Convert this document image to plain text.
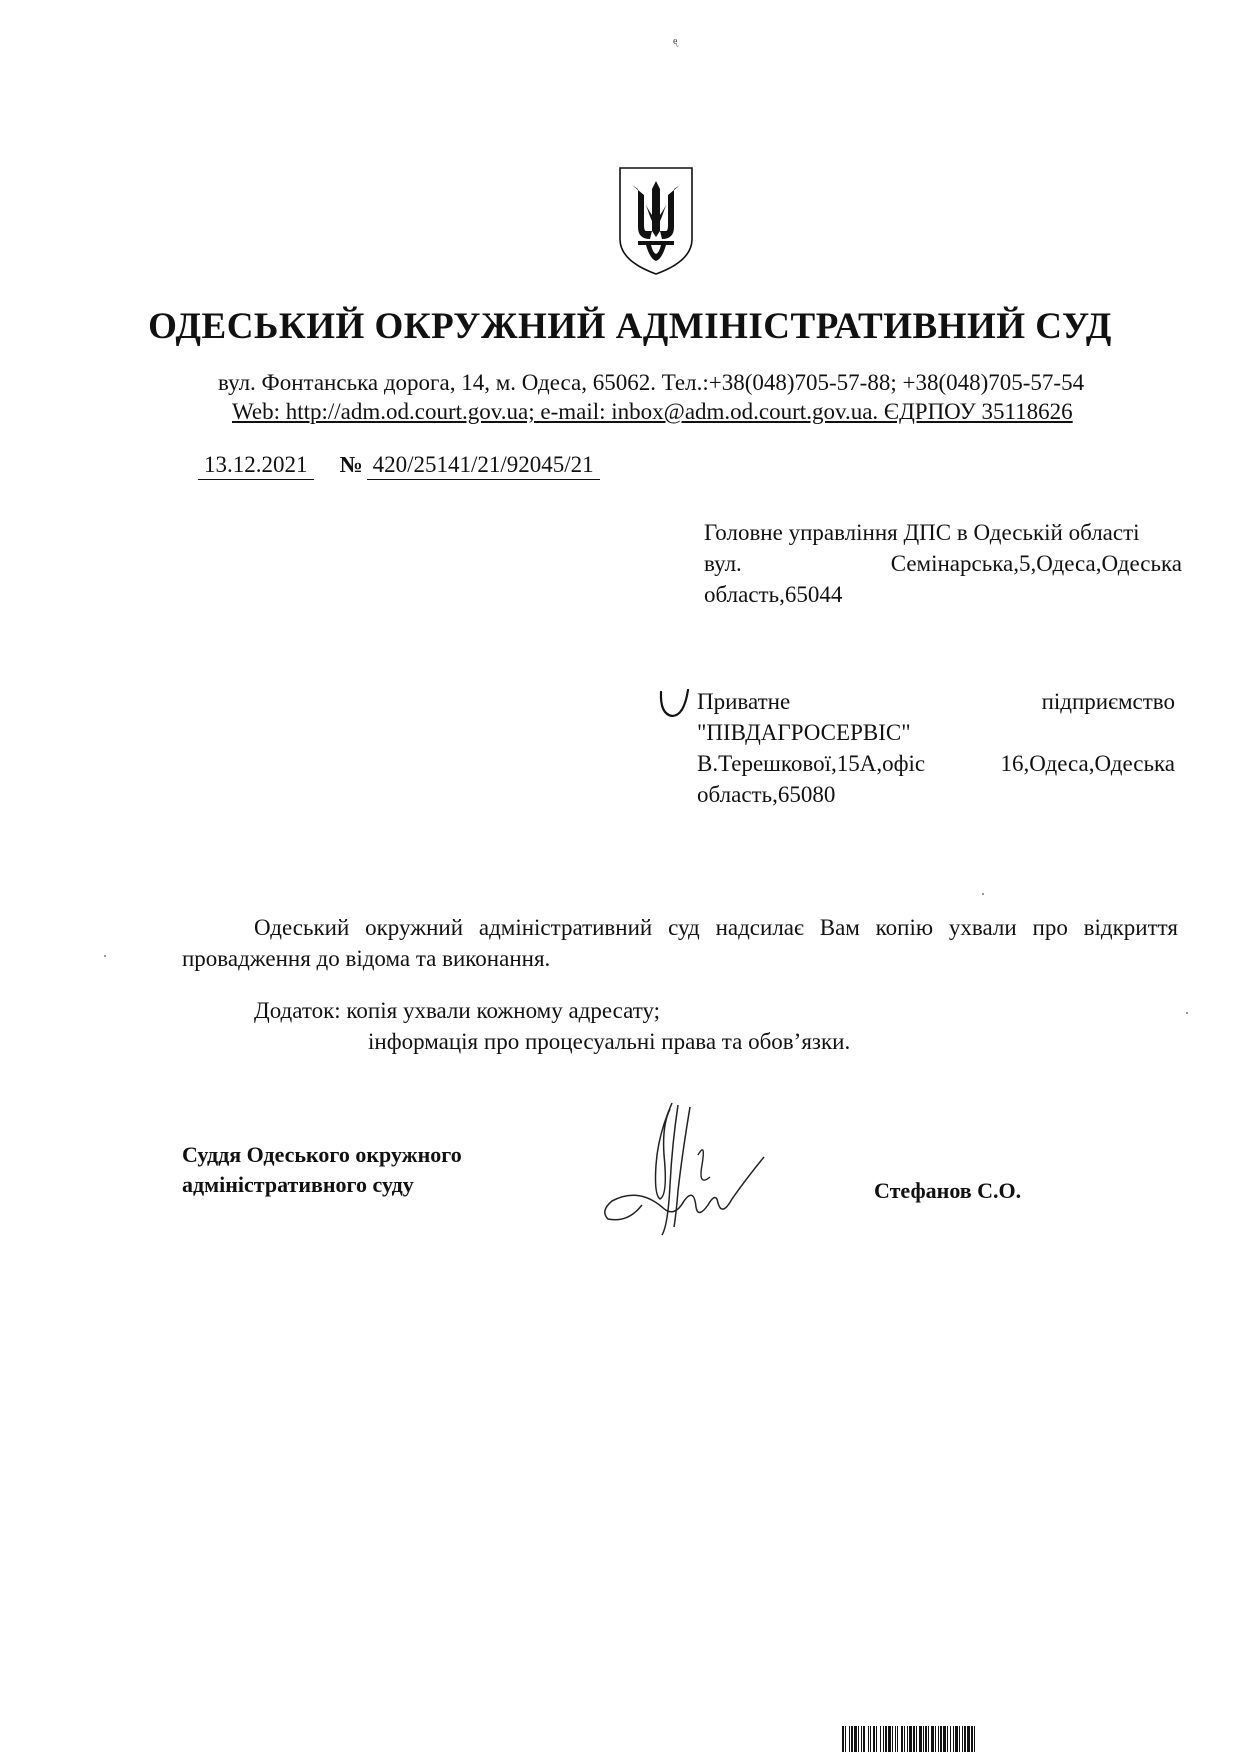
ᶒ
ОДЕСЬКИЙ ОКРУЖНИЙ АДМІНІСТРАТИВНИЙ СУД
вул. Фонтанська дорога, 14, м. Одеса, 65062. Тел.:+38(048)705-57-88; +38(048)705-57-54
Web: http://adm.od.court.gov.ua; e-mail: inbox@adm.od.court.gov.ua. ЄДРПОУ 35118626
13.12.2021 № 420/25141/21/92045/21
Головне управління ДПС в Одеській області
вул.	Семінарська,5,Одеса,Одеська
область,65044
Приватне	підприємство
"ПІВДАГРОСЕРВІС"
В.Терешкової,15А,офіс	16,Одеса,Одеська
область,65080
Одеський окружний адміністративний суд надсилає Вам копію ухвали про відкриття провадження до відома та виконання.
Додаток: копія ухвали кожному адресату;
інформація про процесуальні права та обов’язки.
Суддя Одеського окружного
адміністративного суду	Стефанов С.О.
